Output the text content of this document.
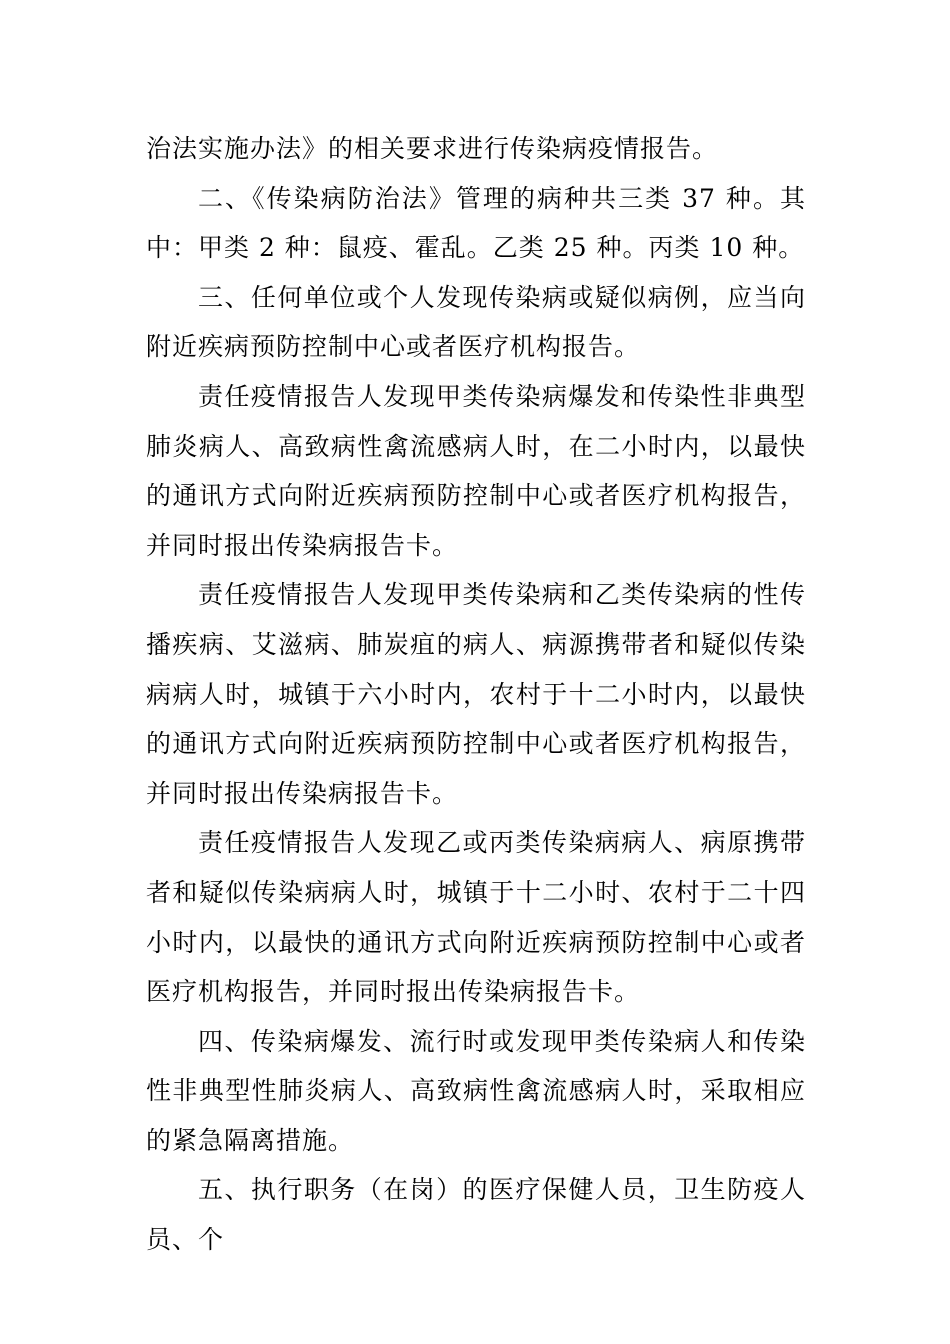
治法实施办法》的相关要求进行传染病疫情报告。

二、《传染病防治法》管理的病种共三类 37 种。其中：甲类 2 种：鼠疫、霍乱。乙类 25 种。丙类 10 种。

三、任何单位或个人发现传染病或疑似病例，应当向附近疾病预防控制中心或者医疗机构报告。

责任疫情报告人发现甲类传染病爆发和传染性非典型肺炎病人、高致病性禽流感病人时，在二小时内，以最快的通讯方式向附近疾病预防控制中心或者医疗机构报告，并同时报出传染病报告卡。

责任疫情报告人发现甲类传染病和乙类传染病的性传播疾病、艾滋病、肺炭疽的病人、病源携带者和疑似传染病病人时，城镇于六小时内，农村于十二小时内，以最快的通讯方式向附近疾病预防控制中心或者医疗机构报告，并同时报出传染病报告卡。

责任疫情报告人发现乙或丙类传染病病人、病原携带者和疑似传染病病人时，城镇于十二小时、农村于二十四小时内，以最快的通讯方式向附近疾病预防控制中心或者医疗机构报告，并同时报出传染病报告卡。

四、传染病爆发、流行时或发现甲类传染病人和传染性非典型性肺炎病人、高致病性禽流感病人时，采取相应的紧急隔离措施。

五、执行职务（在岗）的医疗保健人员，卫生防疫人员、个
